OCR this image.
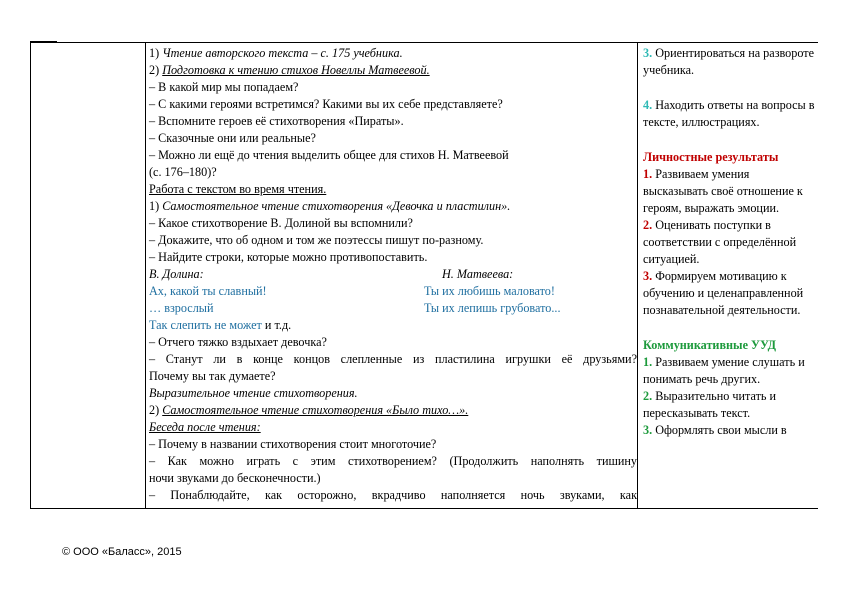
1) Чтение авторского текста – с. 175 учебника.

2) Подготовка к чтению стихов Новеллы Матвеевой.

– В какой мир мы попадаем?

– С какими героями встретимся? Какими вы их себе представляете?

– Вспомните героев её стихотворения «Пираты».

– Сказочные они или реальные?

– Можно ли ещё до чтения выделить общее для стихов Н. Матвеевой

(с. 176–180)?

Работа с текстом во время чтения.

1) Самостоятельное чтение стихотворения «Девочка и пластилин».

– Какое стихотворение В. Долиной вы вспомнили?

– Докажите, что об одном и том же поэтессы пишут по-разному.

– Найдите строки, которые можно противопоставить.

В. Долина:	Н. Матвеева:
Ах, какой ты славный!	Ты их любишь маловато!
… взрослый	Ты их лепишь грубовато...

Так слепить не может и т.д.

– Отчего тяжко вздыхает девочка?

– Станут ли в конце концов слепленные из пластилина игрушки её друзьями?

Почему вы так думаете?

Выразительное чтение стихотворения.

2) Самостоятельное чтение стихотворения «Было тихо…».

Беседа после чтения:

– Почему в названии стихотворения стоит многоточие?

– Как можно играть с этим стихотворением? (Продолжить наполнять тишину

ночи звуками до бесконечности.)

– Понаблюдайте, как осторожно, вкрадчиво наполняется ночь звуками, как

3. Ориентироваться на развороте учебника.

4. Находить ответы на вопросы в тексте, иллюстрациях.

Личностные результаты

1. Развиваем умения высказывать своё отношение к героям, выражать эмоции.

2. Оценивать поступки в соответствии с определённой ситуацией.

3. Формируем мотивацию к обучению и целенаправленной познавательной деятельности.

Коммуникативные УУД

1. Развиваем умение слушать и понимать речь других.

2. Выразительно читать и пересказывать текст.

3. Оформлять свои мысли в

© ООО «Баласс», 2015
